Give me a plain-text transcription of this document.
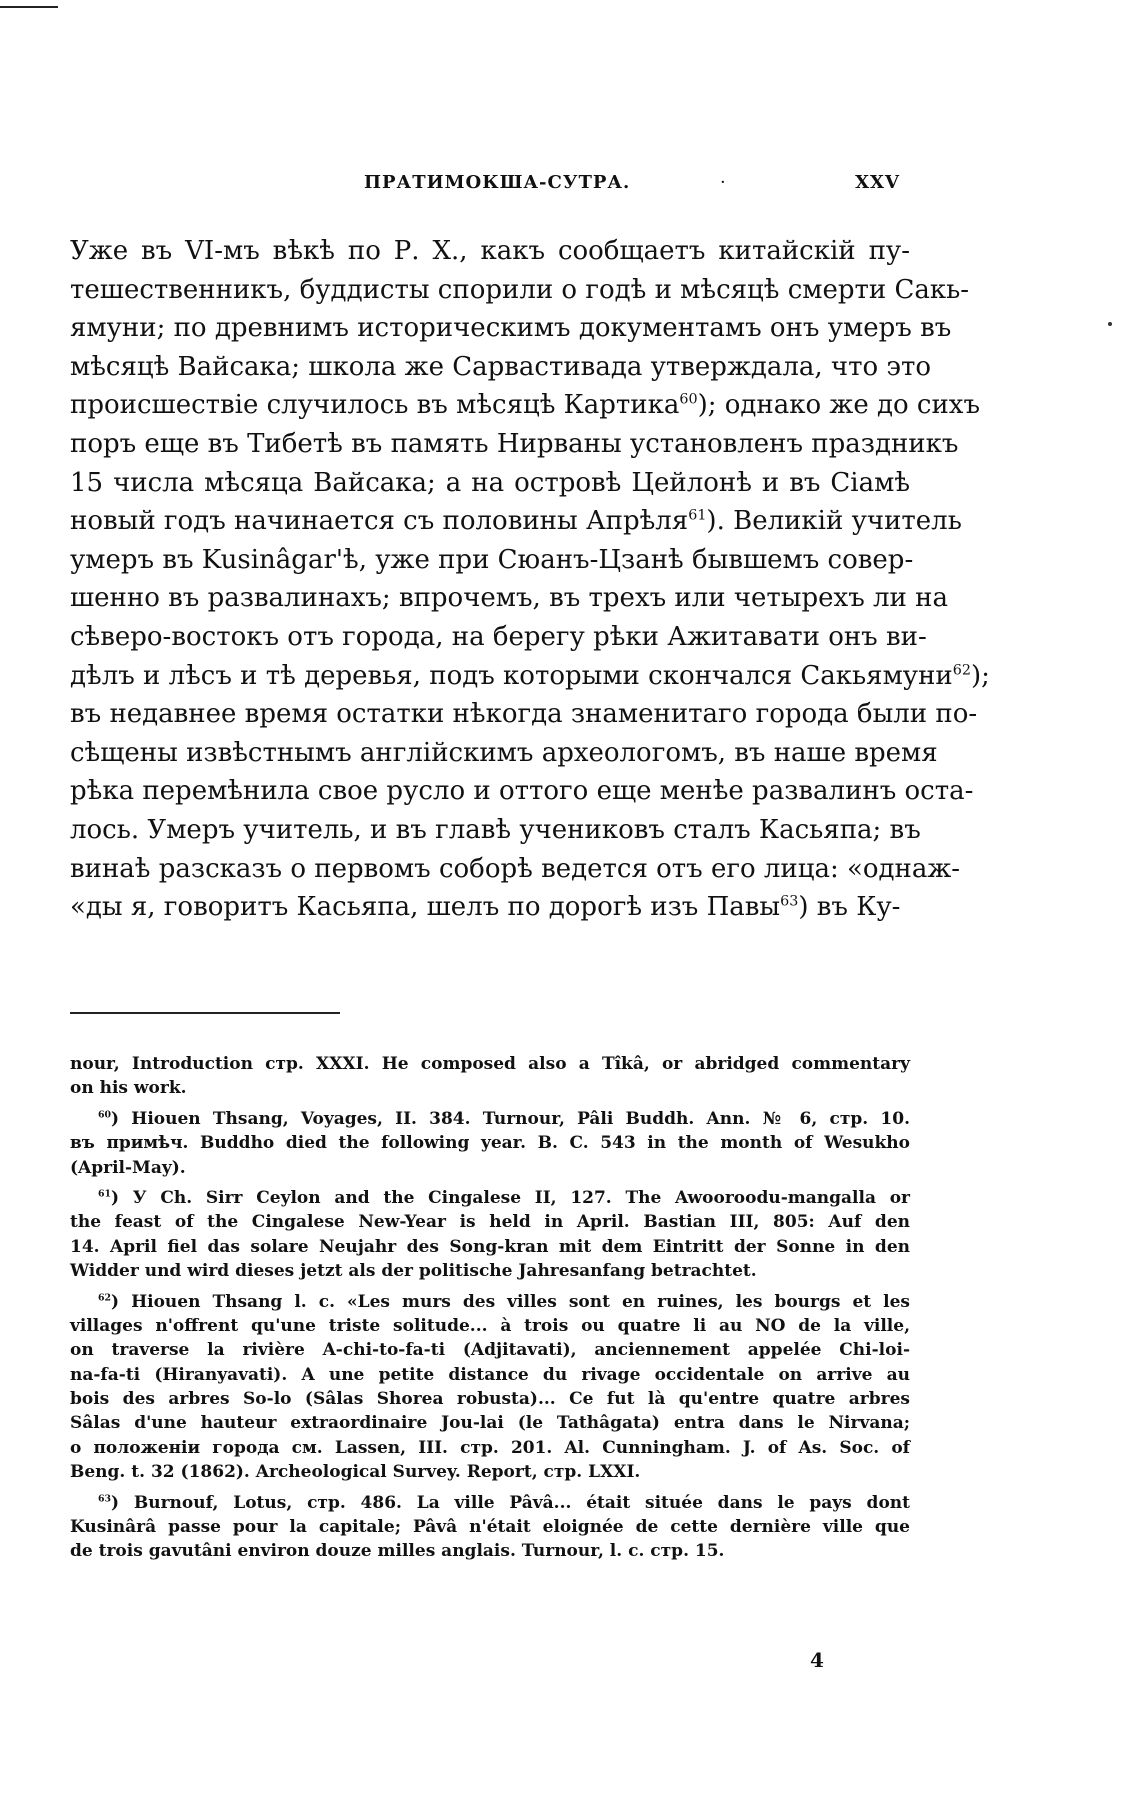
ПРАТИМОКША-СУТРА.	·	XXV
Уже въ VI-мъ вѣкѣ по Р. Х., какъ сообщаетъ китайскій пу-
тешественникъ, буддисты спорили о годѣ и мѣсяцѣ смерти Сакь-
ямуни; по древнимъ историческимъ документамъ онъ умеръ въ
мѣсяцѣ Вайсака; школа же Сарвастивада утверждала, что это
происшествіе случилось въ мѣсяцѣ Картика$^{60}$); однако же до сихъ
поръ еще въ Тибетѣ въ память Нирваны установленъ праздникъ
15 числа мѣсяца Вайсака; а на островѣ Цейлонѣ и въ Сіамѣ
новый годъ начинается съ половины Апрѣля$^{61}$). Великій учитель
умеръ въ Kusinâgar'ѣ, уже при Сюанъ-Цзанѣ бывшемъ совер-
шенно въ развалинахъ; впрочемъ, въ трехъ или четырехъ ли на
сѣверо-востокъ отъ города, на берегу рѣки Ажитавати онъ ви-
дѣлъ и лѣсъ и тѣ деревья, подъ которыми скончался Сакьямуни$^{62}$);
въ недавнее время остатки нѣкогда знаменитаго города были по-
сѣщены извѣстнымъ англійскимъ археологомъ, въ наше время
рѣка перемѣнила свое русло и оттого еще менѣе развалинъ оста-
лось. Умеръ учитель, и въ главѣ учениковъ сталъ Касьяпа; въ
винаѣ разсказъ о первомъ соборѣ ведется отъ его лица: «однаж-
«ды я, говоритъ Касьяпа, шелъ по дорогѣ изъ Павы$^{63}$) въ Ку-
nour, Introduction стр. XXXI. He composed also a Tîkâ, or abridged commentary
on his work.
$^{60}$) Hiouen Thsang, Voyages, II. 384. Turnour, Pâli Buddh. Ann. № 6, стр. 10.
въ примѣч. Buddho died the following year. B. C. 543 in the month of Wesukho
(April-May).
$^{61}$) У Ch. Sirr Ceylon and the Cingalese II, 127. The Awooroodu-mangalla or
the feast of the Cingalese New-Year is held in April. Bastian III, 805: Auf den
14. April fiel das solare Neujahr des Song-kran mit dem Eintritt der Sonne in den
Widder und wird dieses jetzt als der politische Jahresanfang betrachtet.
$^{62}$) Hiouen Thsang l. c. «Les murs des villes sont en ruines, les bourgs et les
villages n'offrent qu'une triste solitude... à trois ou quatre li au NO de la ville,
on traverse la rivière A-chi-to-fa-ti (Adjitavati), anciennement appelée Chi-loi-
na-fa-ti (Hiranyavati). A une petite distance du rivage occidentale on arrive au
bois des arbres So-lo (Sâlas Shorea robusta)... Ce fut là qu'entre quatre arbres
Sâlas d'une hauteur extraordinaire Jou-lai (le Tathâgata) entra dans le Nirvana;
о положеніи города см. Lassen, III. стр. 201. Al. Cunningham. J. of As. Soc. of
Beng. t. 32 (1862). Archeological Survey. Report, стр. LXXI.
$^{63}$) Burnouf, Lotus, стр. 486. La ville Pâvâ... était située dans le pays dont
Kusinârâ passe pour la capitale; Pâvâ n'était eloignée de cette dernière ville que
de trois gavutâni environ douze milles anglais. Turnour, l. c. стр. 15.
4
